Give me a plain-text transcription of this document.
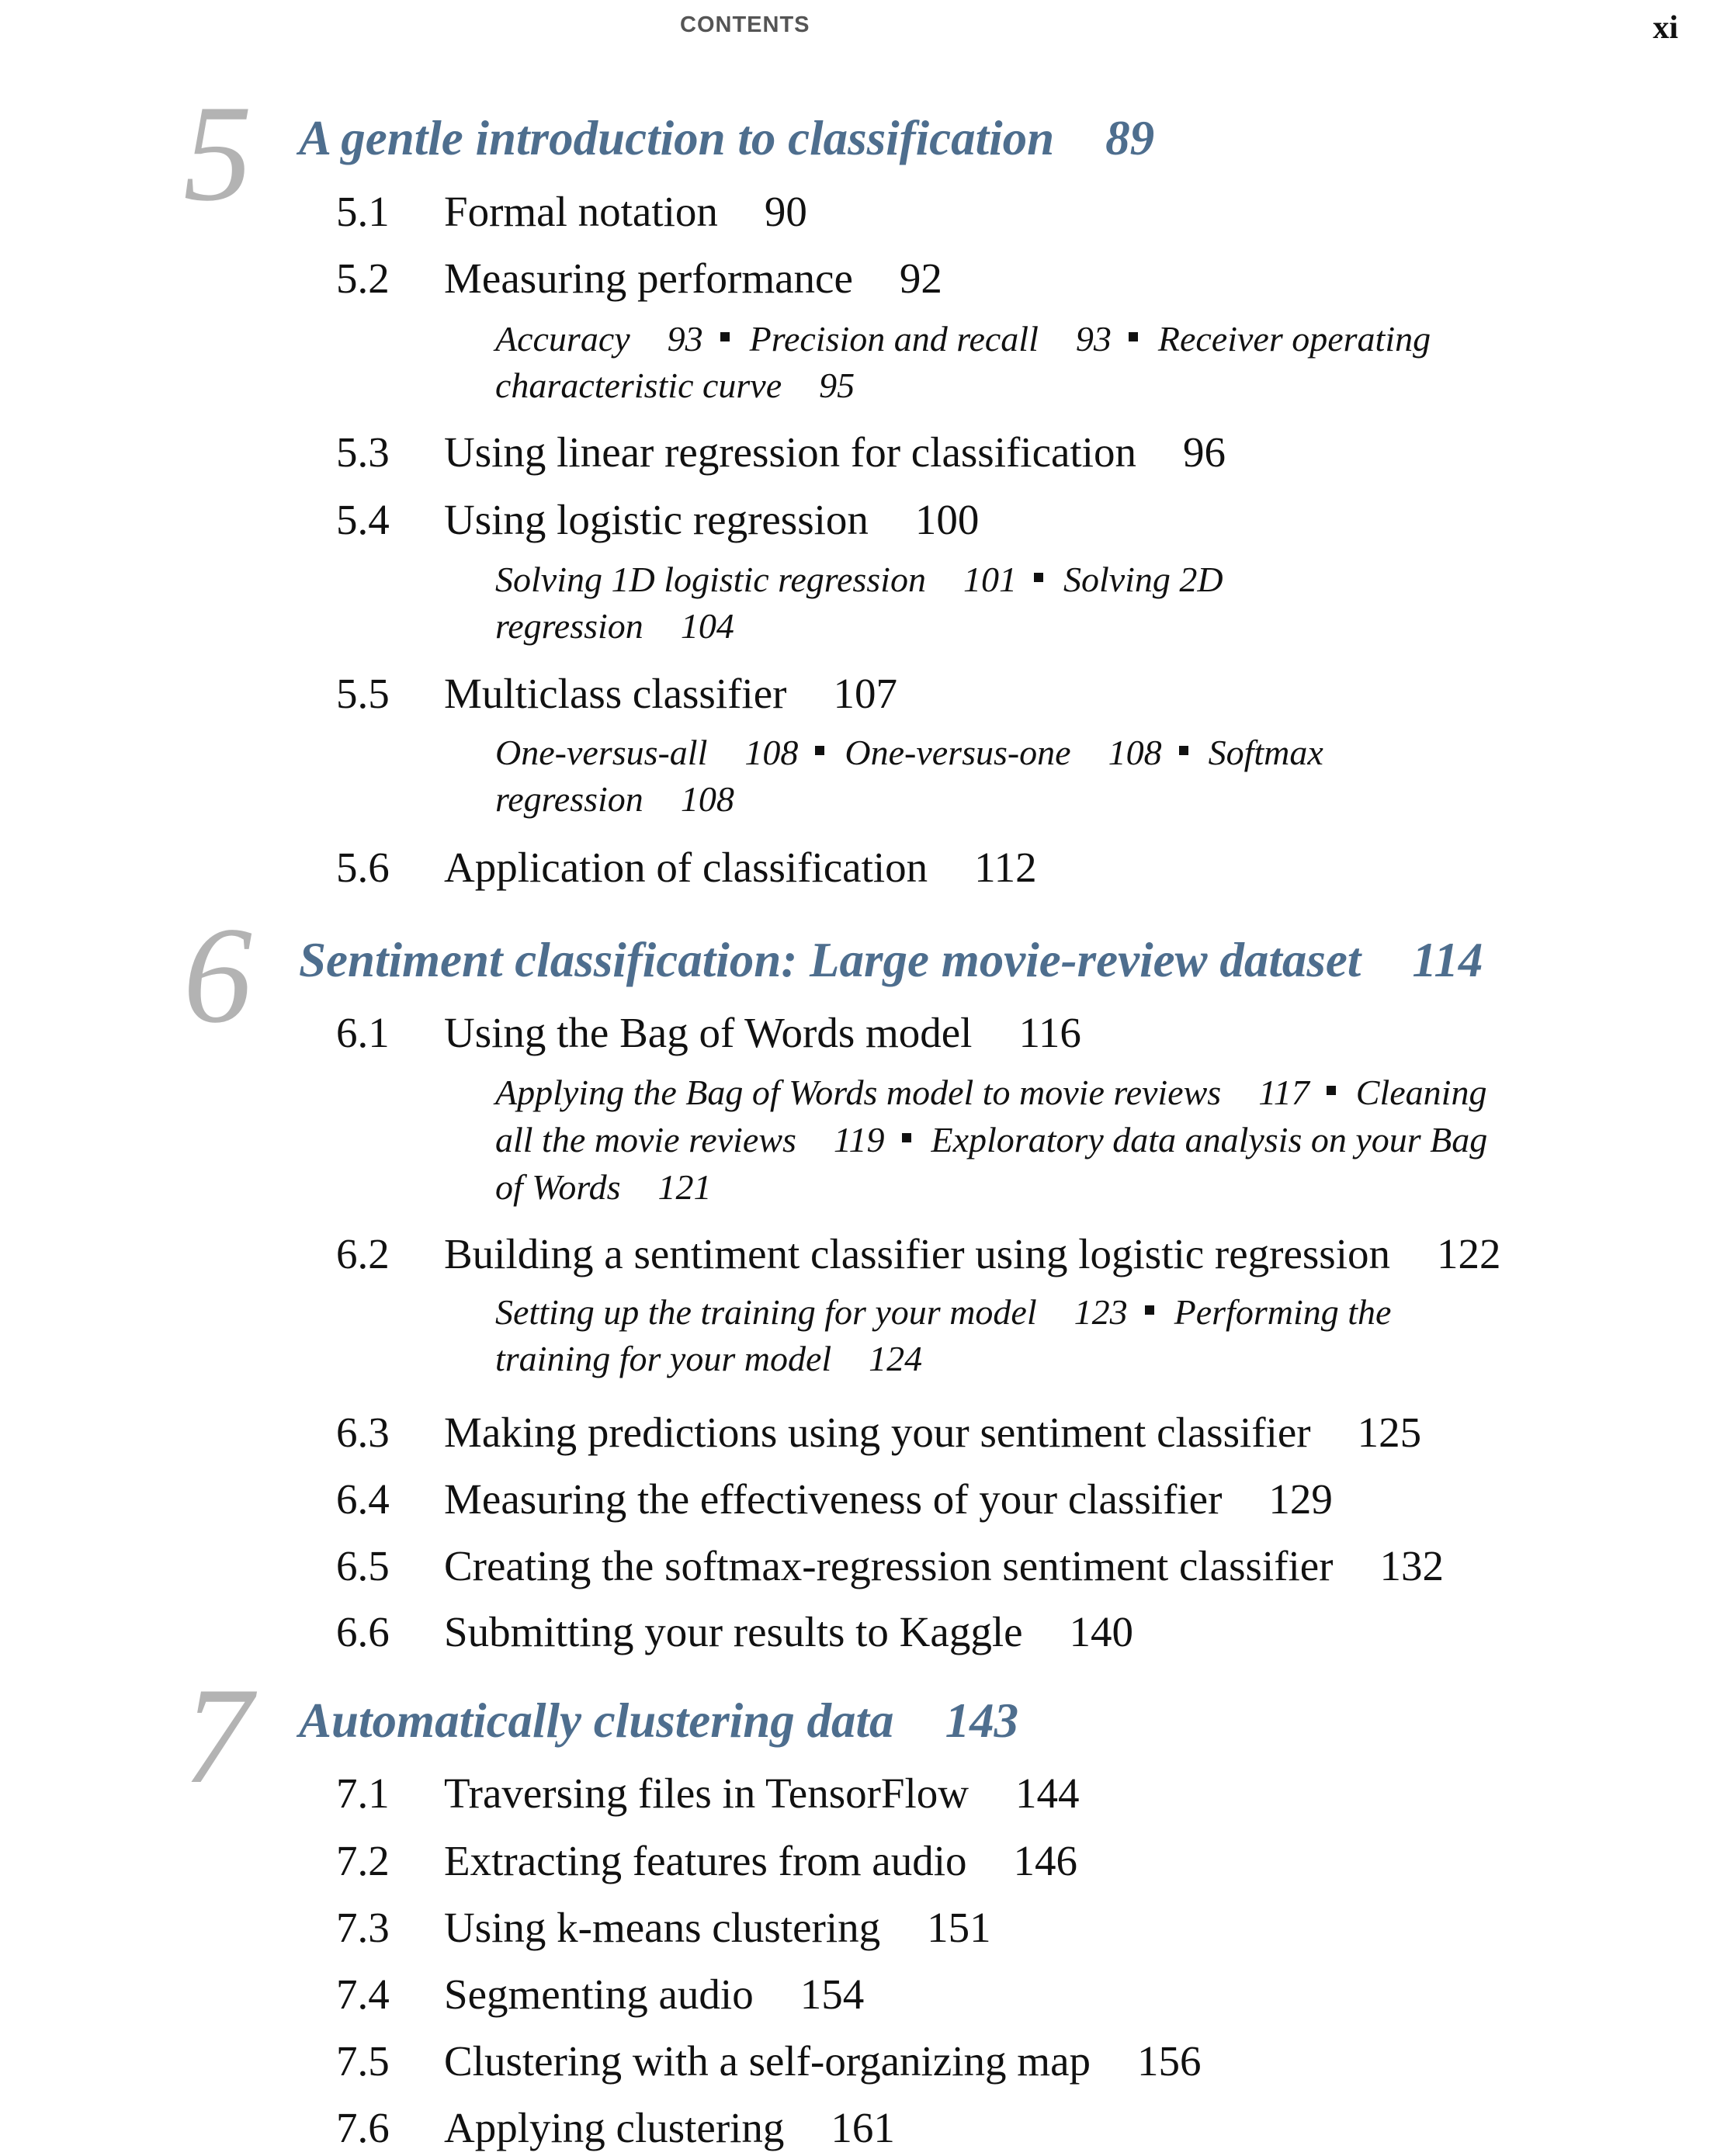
CONTENTS	xi
5 A gentle introduction to classification 89
5.1 Formal notation 90
5.2 Measuring performance 92
Accuracy 93 Precision and recall 93 Receiver operating
characteristic curve 95
5.3 Using linear regression for classification 96
5.4 Using logistic regression 100
Solving 1D logistic regression 101 Solving 2D
regression 104
5.5 Multiclass classifier 107
One-versus-all 108 One-versus-one 108 Softmax
regression 108
5.6 Application of classification 112
6 Sentiment classification: Large movie-review dataset 114
6.1 Using the Bag of Words model 116
Applying the Bag of Words model to movie reviews 117 Cleaning
all the movie reviews 119 Exploratory data analysis on your Bag
of Words 121
6.2 Building a sentiment classifier using logistic regression 122
Setting up the training for your model 123 Performing the
training for your model 124
6.3 Making predictions using your sentiment classifier 125
6.4 Measuring the effectiveness of your classifier 129
6.5 Creating the softmax-regression sentiment classifier 132
6.6 Submitting your results to Kaggle 140
7 Automatically clustering data 143
7.1 Traversing files in TensorFlow 144
7.2 Extracting features from audio 146
7.3 Using k-means clustering 151
7.4 Segmenting audio 154
7.5 Clustering with a self-organizing map 156
7.6 Applying clustering 161
